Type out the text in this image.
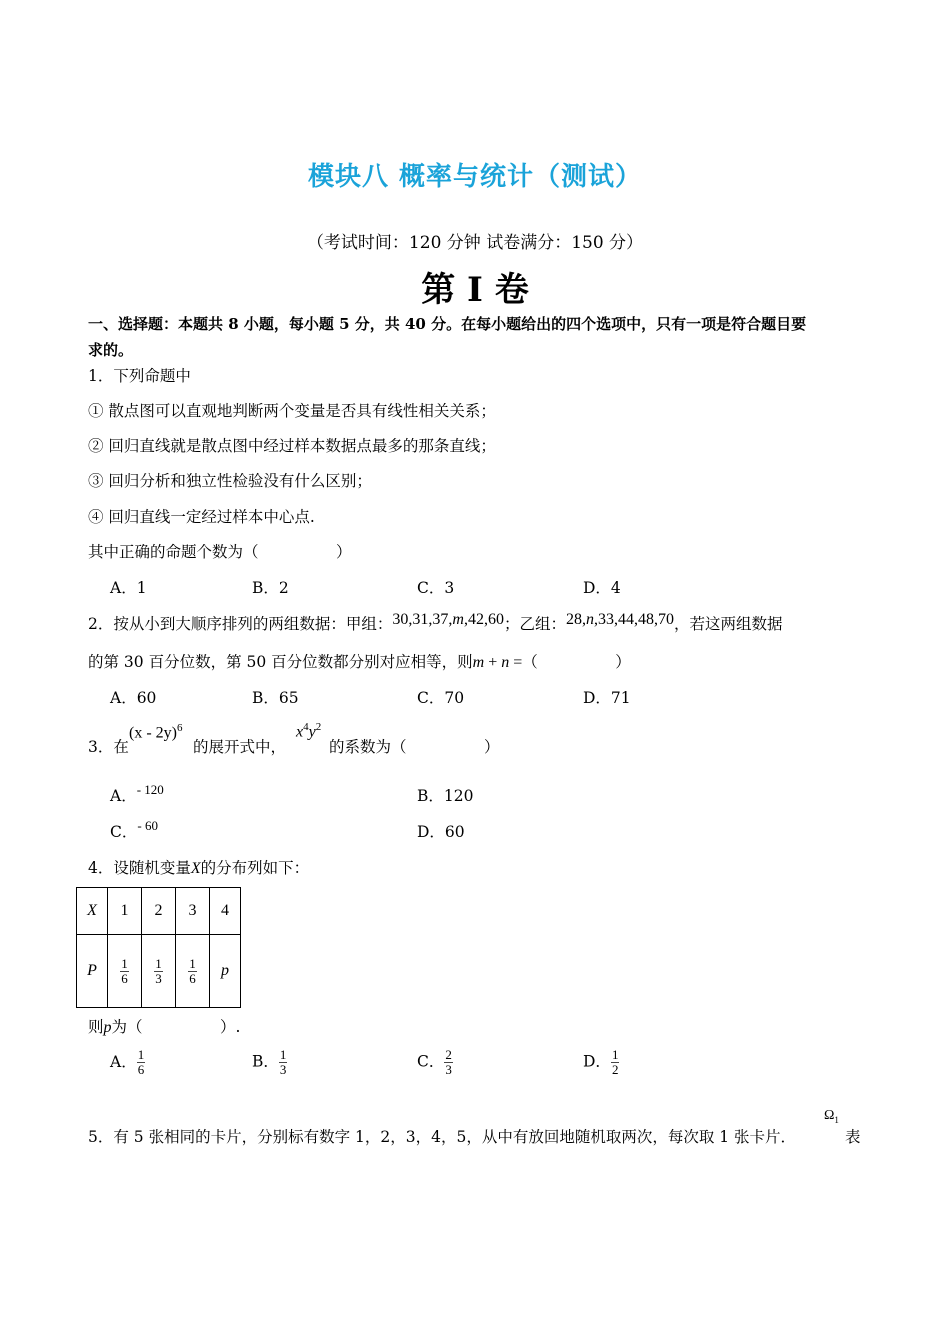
模块八 概率与统计（测试）
（考试时间：120 分钟 试卷满分：150 分）
第 I 卷
一、选择题：本题共 8 小题，每小题 5 分，共 40 分。在每小题给出的四个选项中，只有一项是符合题目要
求的。
1．下列命题中
① 散点图可以直观地判断两个变量是否具有线性相关关系；
② 回归直线就是散点图中经过样本数据点最多的那条直线；
③ 回归分析和独立性检验没有什么区别；
④ 回归直线一定经过样本中心点.
其中正确的命题个数为（　　　　　）
A．1	B．2	C．3	D．4
2．按从小到大顺序排列的两组数据：甲组：30,31,37,m,42,60；乙组：28,n,33,44,48,70，若这两组数据
的第 30 百分位数，第 50 百分位数都分别对应相等，则m + n =（　　　　　）
A．60	B．65	C．70	D．71
3．在
(x - 2y)$^6$
的展开式中，
$x^4y^2$
的系数为（　　　　　）
A．$^{- 120}$	B．120
C．$^{- 60}$	D．60
4．设随机变量X的分布列如下：
X	1	2	3	4
P	$\frac{1}{6}$	$\frac{1}{3}$	$\frac{1}{6}$	p
则p为（　　　　　）.
A． $\frac{1}{6}$	B． $\frac{1}{3}$	C． $\frac{2}{3}$	D． $\frac{1}{2}$
5．有 5 张相同的卡片，分别标有数字 1，2，3，4，5，从中有放回地随机取两次，每次取 1 张卡片．
$\Omega_1$
表
